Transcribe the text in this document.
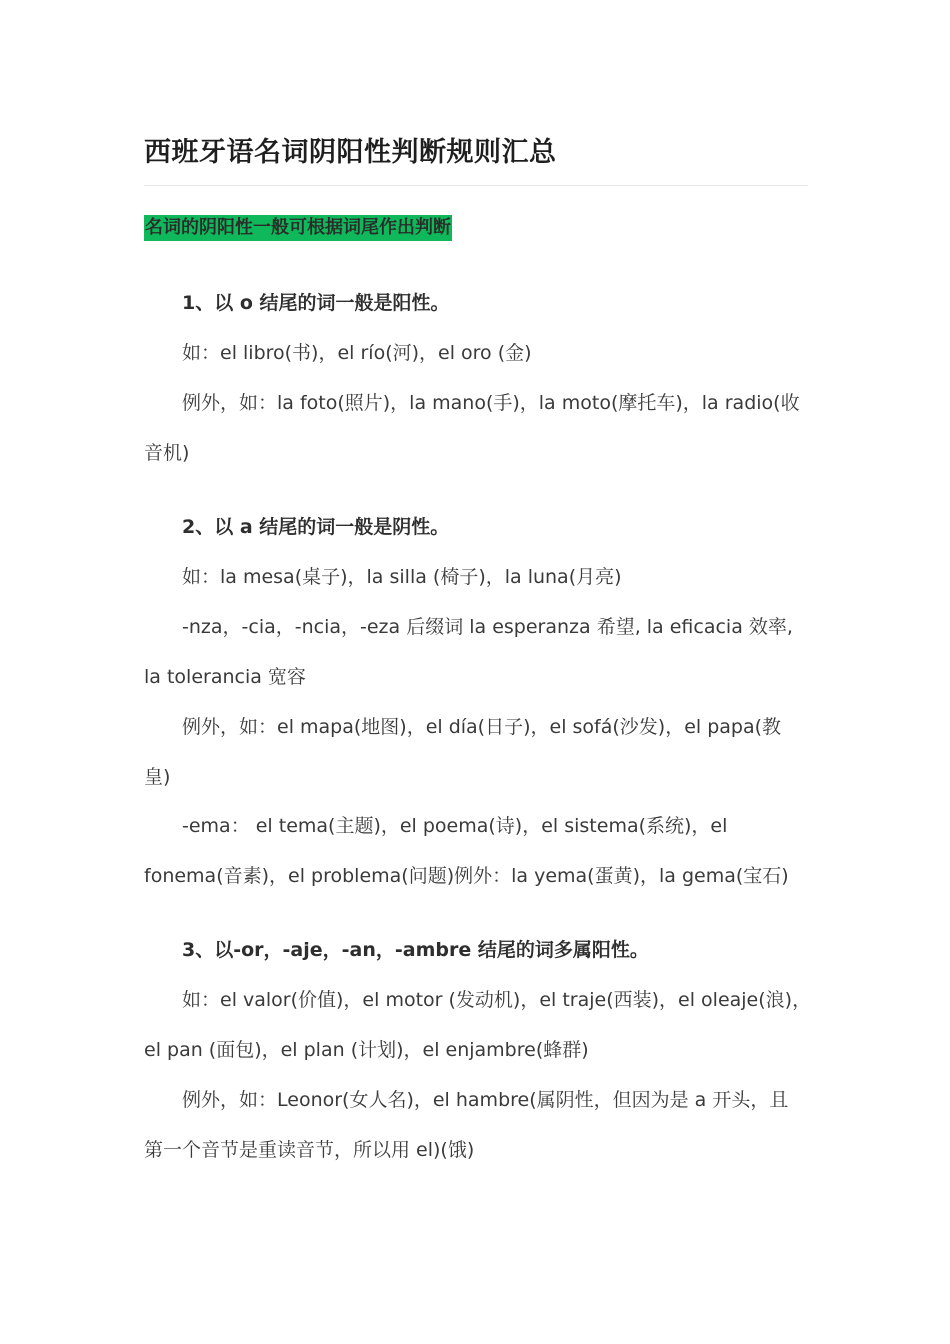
西班牙语名词阴阳性判断规则汇总
名词的阴阳性一般可根据词尾作出判断
1、以 o 结尾的词一般是阳性。
如：el libro(书)，el río(河)，el oro (金)
例外，如：la foto(照片)，la mano(手)，la moto(摩托车)，la radio(收
音机)
2、以 a 结尾的词一般是阴性。
如：la mesa(桌子)，la silla (椅子)，la luna(月亮)
-nza，-cia，-ncia，-eza 后缀词 la esperanza 希望, la eficacia 效率,
la tolerancia 宽容
例外，如：el mapa(地图)，el día(日子)，el sofá(沙发)，el papa(教
皇)
-ema： el tema(主题)，el poema(诗)，el sistema(系统)，el
fonema(音素)，el problema(问题)例外：la yema(蛋黄)，la gema(宝石)
3、以-or，-aje，-an，-ambre 结尾的词多属阳性。
如：el valor(价值)，el motor (发动机)，el traje(西装)，el oleaje(浪)，
el pan (面包)，el plan (计划)，el enjambre(蜂群)
例外，如：Leonor(女人名)，el hambre(属阴性，但因为是 a 开头，且
第一个音节是重读音节，所以用 el)(饿)
